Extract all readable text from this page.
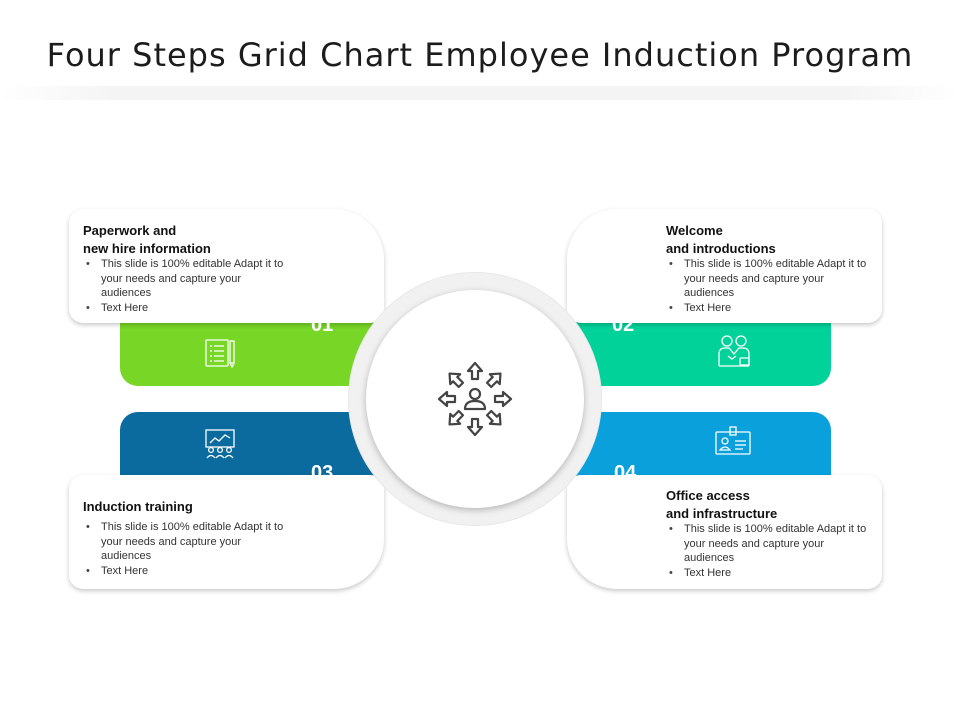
Four Steps Grid Chart Employee Induction Program
Paperwork and
new hire information
• This slide is 100% editable Adapt it to your needs and capture your audiences
• Text Here
Welcome
and introductions
• This slide is 100% editable Adapt it to your needs and capture your audiences
• Text Here
Induction training
• This slide is 100% editable Adapt it to your needs and capture your audiences
• Text Here
Office access
and infrastructure
• This slide is 100% editable Adapt it to your needs and capture your audiences
• Text Here
01	02
03	04
